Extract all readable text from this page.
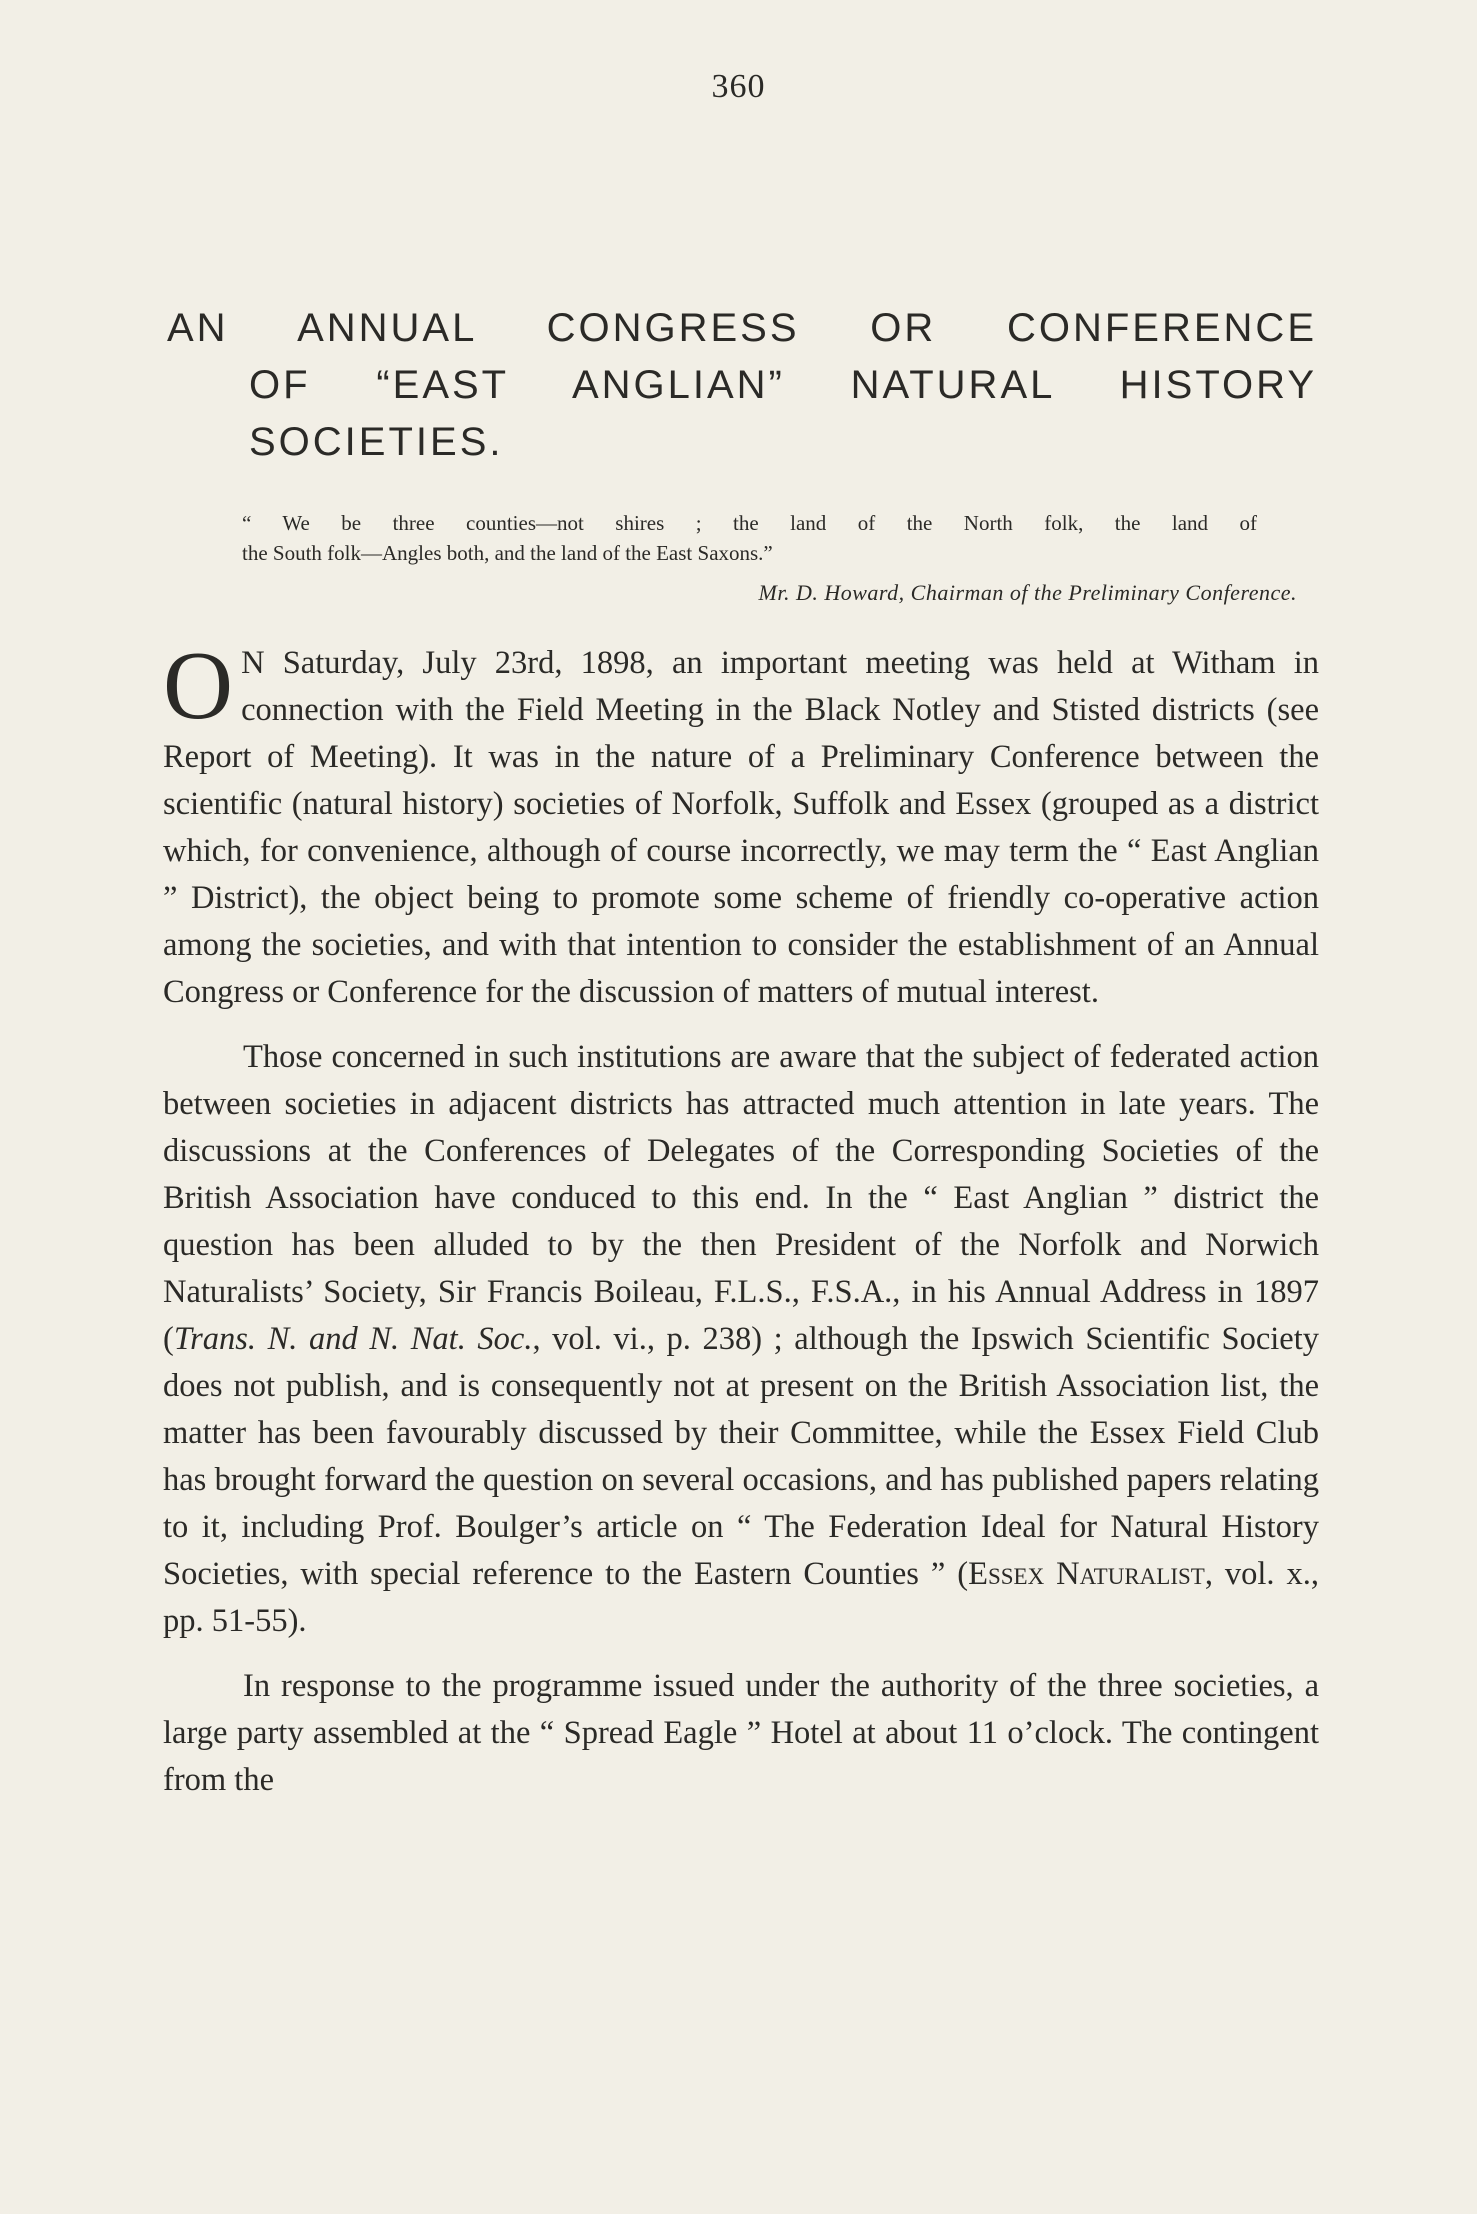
360
AN ANNUAL CONGRESS OR CONFERENCE
OF “EAST ANGLIAN” NATURAL HISTORY
SOCIETIES.
“ We be three counties—not shires ; the land of the North folk, the land of
the South folk—Angles both, and the land of the East Saxons.”
Mr. D. Howard, Chairman of the Preliminary Conference.

O N Saturday, July 23rd, 1898, an important meeting was held at Witham in connection with the Field Meeting in the Black Notley and Stisted districts (see Report of Meeting). It was in the nature of a Preliminary Conference between the scientific (natural history) societies of Norfolk, Suffolk and Essex (grouped as a district which, for convenience, although of course incorrectly, we may term the “ East Anglian ” District), the object being to promote some scheme of friendly co-operative action among the societies, and with that intention to consider the establishment of an Annual Congress or Conference for the discussion of matters of mutual interest.

Those concerned in such institutions are aware that the subject of federated action between societies in adjacent districts has attracted much attention in late years. The discussions at the Conferences of Delegates of the Corresponding Societies of the British Association have conduced to this end. In the “ East Anglian ” district the question has been alluded to by the then President of the Norfolk and Norwich Naturalists’ Society, Sir Francis Boileau, F.L.S., F.S.A., in his Annual Address in 1897 (Trans. N. and N. Nat. Soc., vol. vi., p. 238) ; although the Ipswich Scientific Society does not publish, and is consequently not at present on the British Association list, the matter has been favourably discussed by their Committee, while the Essex Field Club has brought forward the question on several occasions, and has published papers relating to it, including Prof. Boulger’s article on “ The Federation Ideal for Natural History Societies, with special reference to the Eastern Counties ” (Essex Naturalist, vol. x., pp. 51-55).

In response to the programme issued under the authority of the three societies, a large party assembled at the “ Spread Eagle ” Hotel at about 11 o’clock. The contingent from the
